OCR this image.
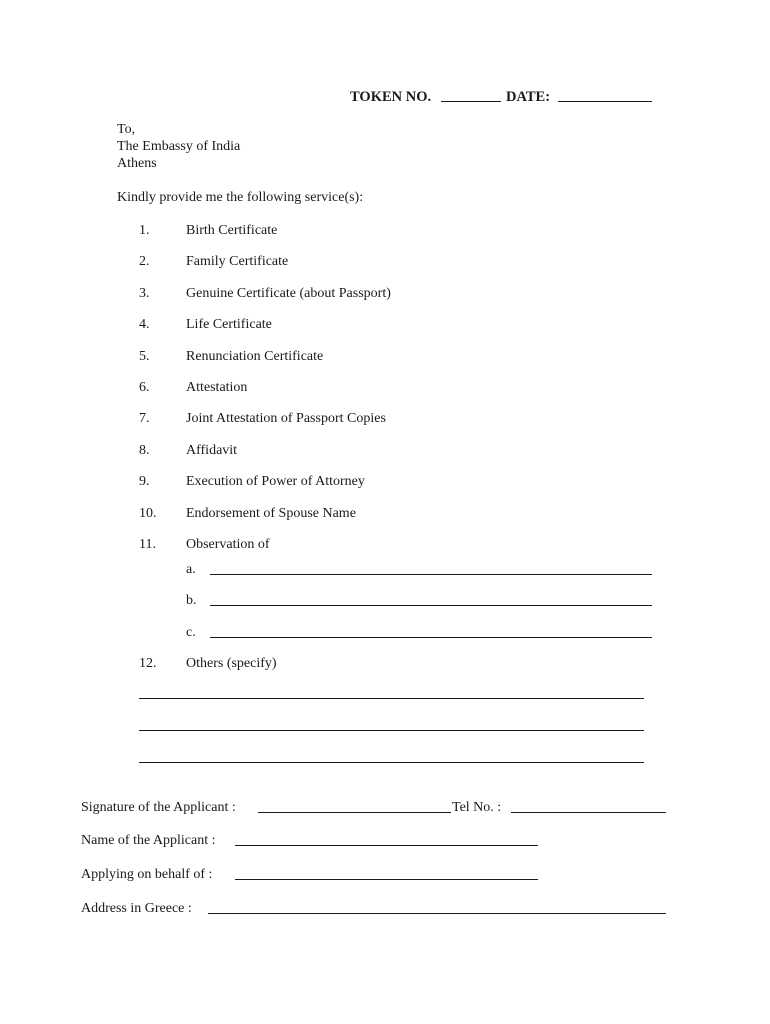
TOKEN NO.	DATE:
To,
The Embassy of India
Athens
Kindly provide me the following service(s):
1.	Birth Certificate
2.	Family Certificate
3.	Genuine Certificate (about Passport)
4.	Life Certificate
5.	Renunciation Certificate
6.	Attestation
7.	Joint Attestation of Passport Copies
8.	Affidavit
9.	Execution of Power of Attorney
10. Endorsement of Spouse Name
11. Observation of
a.
b.
c.
12. Others (specify)
Signature of the Applicant :	Tel No. :
Name of the Applicant :
Applying on behalf of :
Address in Greece :
